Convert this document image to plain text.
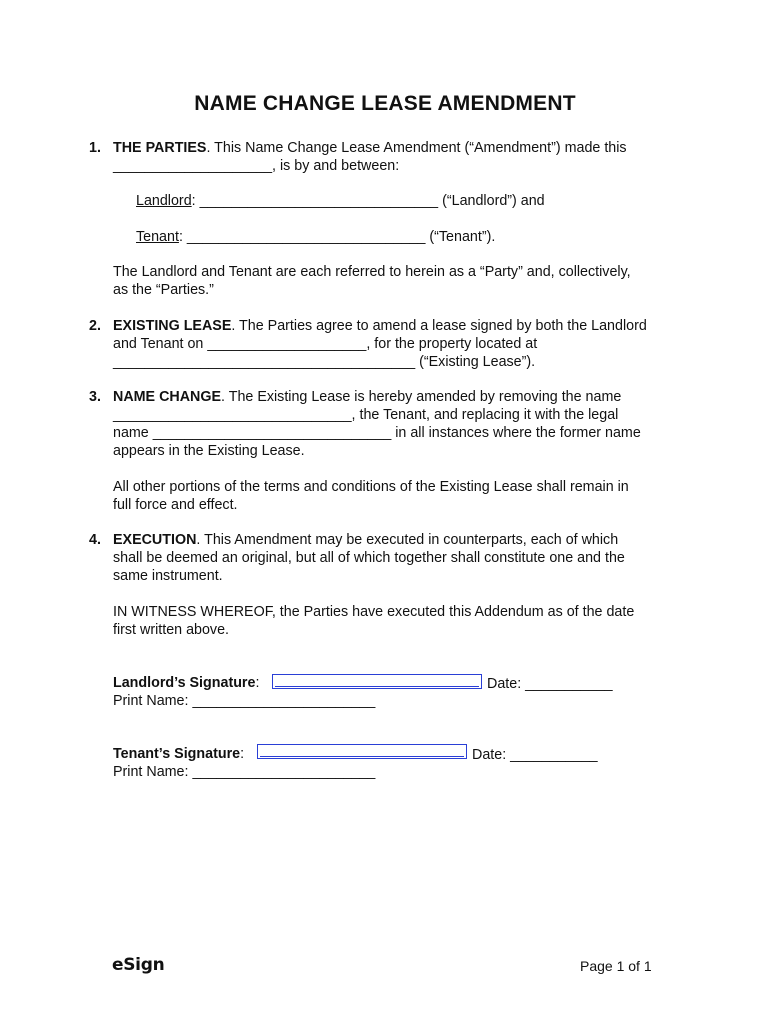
NAME CHANGE LEASE AMENDMENT
1. THE PARTIES. This Name Change Lease Amendment (“Amendment”) made this
____________________, is by and between:
Landlord: ______________________________ (“Landlord”) and
Tenant: ______________________________ (“Tenant”).
The Landlord and Tenant are each referred to herein as a “Party” and, collectively,
as the “Parties.”
2. EXISTING LEASE. The Parties agree to amend a lease signed by both the Landlord
and Tenant on ____________________, for the property located at
______________________________________ (“Existing Lease”).
3. NAME CHANGE. The Existing Lease is hereby amended by removing the name
______________________________, the Tenant, and replacing it with the legal
name ______________________________ in all instances where the former name
appears in the Existing Lease.
All other portions of the terms and conditions of the Existing Lease shall remain in
full force and effect.
4. EXECUTION. This Amendment may be executed in counterparts, each of which
shall be deemed an original, but all of which together shall constitute one and the
same instrument.
IN WITNESS WHEREOF, the Parties have executed this Addendum as of the date
first written above.
Landlord’s Signature:	Date: ___________
Print Name: _______________________
Tenant’s Signature:	Date: ___________
Print Name: _______________________
eSign	Page 1 of 1
